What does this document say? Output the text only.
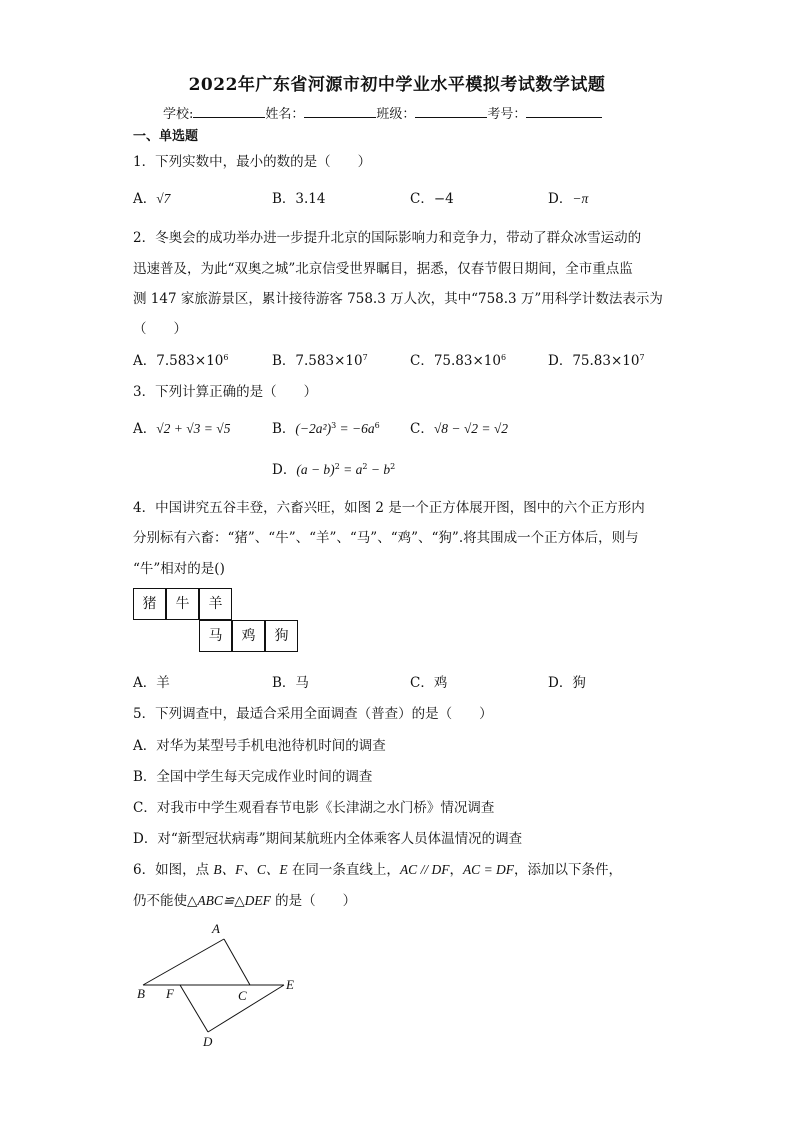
2022年广东省河源市初中学业水平模拟考试数学试题
学校:	姓名：	班级：	考号：
一、单选题
1．下列实数中，最小的数的是（　　）
A．√7	B．3.14	C．−4	D．−π
2．冬奥会的成功举办进一步提升北京的国际影响力和竞争力，带动了群众冰雪运动的
迅速普及，为此“双奥之城”北京信受世界瞩目，据悉，仅春节假日期间，全市重点监
测 147 家旅游景区，累计接待游客 758.3 万人次，其中“758.3 万”用科学计数法表示为
（　　）
A．$7.583\times 10^6$	B．$7.583\times 10^7$	C．$75.83\times 10^6$	D．$75.83\times 10^7$
3．下列计算正确的是（　　）
A．√2 + √3 = √5	B．$(-2a^2)^3 = -6a^6$ C．√8 − √2 = √2
D．$(a - b)^2 = a^2 - b^2$
4．中国讲究五谷丰登，六畜兴旺，如图 2 是一个正方体展开图，图中的六个正方形内
分别标有六畜：“猪”、“牛”、“羊”、“马”、“鸡”、“狗”.将其围成一个正方体后，则与
“牛”相对的是()
猪	牛	羊
马	鸡	狗
A．羊	B．马	C．鸡	D．狗
5．下列调查中，最适合采用全面调查（普查）的是（　　）
A．对华为某型号手机电池待机时间的调查
B．全国中学生每天完成作业时间的调查
C．对我市中学生观看春节电影《长津湖之水门桥》情况调查
D．对“新型冠状病毒”期间某航班内全体乘客人员体温情况的调查
6．如图，点 B、F、C、E 在同一条直线上，AC // DF，AC = DF，添加以下条件，
仍不能使△ABC≌△DEF 的是（　　）
A
B F	C
E
D
